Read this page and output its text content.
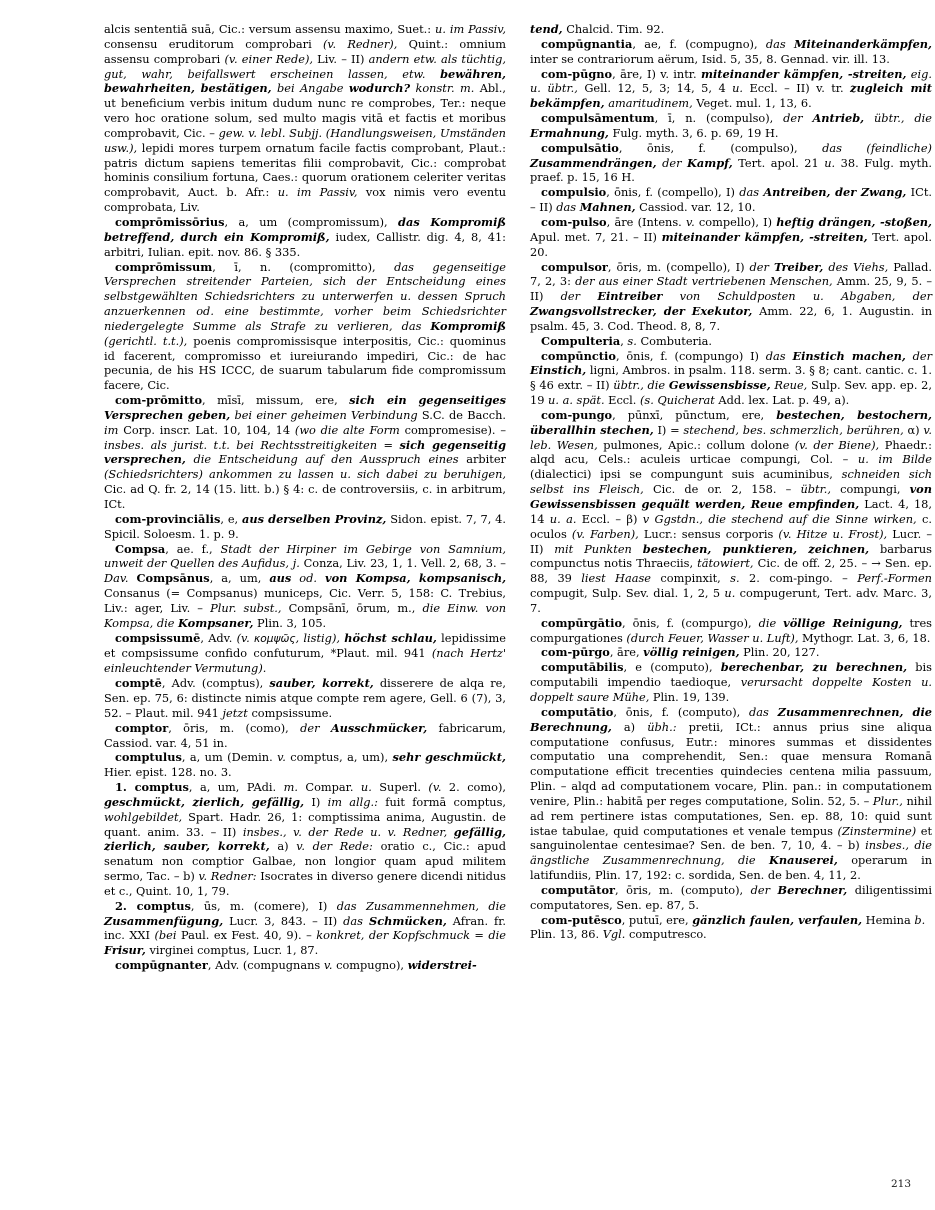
alcis sententiā suā, Cic.: versum assensu maximo, Suet.: u. im Passiv, consensu eruditorum comprobari (v. Redner), Quint.: omnium assensu comprobari (v. einer Rede), Liv. – II) andern etw. als tüchtig, gut, wahr, beifallswert erscheinen lassen, etw. bewähren, bewahrheiten, bestätigen, bei Angabe wodurch? konstr. m. Abl., ut beneficium verbis initum dudum nunc re comprobes, Ter.: neque vero hoc oratione solum, sed multo magis vitā et factis et moribus comprobavit, Cic. – gew. v. lebl. Subjj. (Handlungsweisen, Umständen usw.), lepidi mores turpem ornatum facile factis comprobant, Plaut.: patris dictum sapiens temeritas filii comprobavit, Cic.: comprobat hominis consilium fortuna, Caes.: quorum orationem celeriter veritas comprobavit, Auct. b. Afr.: u. im Passiv, vox nimis vero eventu comprobata, Liv.

comprōmissōrius, a, um (compromissum), das Kompromiß betreffend, durch ein Kompromiß, iudex, Callistr. dig. 4, 8, 41: arbitri, Iulian. epit. nov. 86. § 335.

comprōmissum, ī, n. (compromitto), das gegenseitige Versprechen streitender Parteien, sich der Entscheidung eines selbstgewählten Schiedsrichters zu unterwerfen u. dessen Spruch anzuerkennen od. eine bestimmte, vorher beim Schiedsrichter niedergelegte Summe als Strafe zu verlieren, das Kompromiß (gerichtl. t.t.), poenis compromissisque interpositis, Cic.: quominus id facerent, compromisso et iureiurando impediri, Cic.: de hac pecunia, de his HS ICCC, de suarum tabularum fide compromissum facere, Cic.

com-prōmitto, mīsī, missum, ere, sich ein gegenseitiges Versprechen geben, bei einer geheimen Verbindung S.C. de Bacch. im Corp. inscr. Lat. 10, 104, 14 (wo die alte Form compromesise). – insbes. als jurist. t.t. bei Rechtsstreitigkeiten = sich gegenseitig versprechen, die Entscheidung auf den Ausspruch eines arbiter (Schiedsrichters) ankommen zu lassen u. sich dabei zu beruhigen, Cic. ad Q. fr. 2, 14 (15. litt. b.) § 4: c. de controversiis, c. in arbitrum, ICt.

com-provinciālis, e, aus derselben Provinz, Sidon. epist. 7, 7, 4. Spicil. Soloesm. 1. p. 9.

Compsa, ae. f., Stadt der Hirpiner im Gebirge von Samnium, unweit der Quellen des Aufidus, j. Conza, Liv. 23, 1, 1. Vell. 2, 68, 3. – Dav. Compsānus, a, um, aus od. von Kompsa, kompsanisch, Consanus (= Compsanus) municeps, Cic. Verr. 5, 158: C. Trebius, Liv.: ager, Liv. – Plur. subst., Compsānī, ōrum, m., die Einw. von Kompsa, die Kompsaner, Plin. 3, 105.

compsissumē, Adv. (v. κομψῶς, listig), höchst schlau, lepidissime et compsissume confido confuturum, *Plaut. mil. 941 (nach Hertz' einleuchtender Vermutung).

comptē, Adv. (comptus), sauber, korrekt, disserere de alqa re, Sen. ep. 75, 6: distincte nimis atque compte rem agere, Gell. 6 (7), 3, 52. – Plaut. mil. 941 jetzt compsissume.

comptor, ōris, m. (como), der Ausschmücker, fabricarum, Cassiod. var. 4, 51 in.

comptulus, a, um (Demin. v. comptus, a, um), sehr geschmückt, Hier. epist. 128. no. 3.

1. comptus, a, um, PAdi. m. Compar. u. Superl. (v. 2. como), geschmückt, zierlich, gefällig, I) im allg.: fuit formā comptus, wohlgebildet, Spart. Hadr. 26, 1: comptissima anima, Augustin. de quant. anim. 33. – II) insbes., v. der Rede u. v. Redner, gefällig, zierlich, sauber, korrekt, a) v. der Rede: oratio c., Cic.: apud senatum non comptior Galbae, non longior quam apud militem sermo, Tac. – b) v. Redner: Isocrates in diverso genere dicendi nitidus et c., Quint. 10, 1, 79.

2. comptus, ūs, m. (comere), I) das Zusammennehmen, die Zusammenfügung, Lucr. 3, 843. – II) das Schmücken, Afran. fr. inc. XXI (bei Paul. ex Fest. 40, 9). – konkret, der Kopfschmuck = die Frisur, virginei comptus, Lucr. 1, 87.

compūgnanter, Adv. (compugnans v. compugno), widerstrei-

tend, Chalcid. Tim. 92.

compūgnantia, ae, f. (compugno), das Miteinanderkämpfen, inter se contrariorum aërum, Isid. 5, 35, 8. Gennad. vir. ill. 13.

com-pūgno, āre, I) v. intr. miteinander kämpfen, -streiten, eig. u. übtr., Gell. 12, 5, 3; 14, 5, 4 u. Eccl. – II) v. tr. zugleich mit bekämpfen, amaritudinem, Veget. mul. 1, 13, 6.

compulsāmentum, ī, n. (compulso), der Antrieb, übtr., die Ermahnung, Fulg. myth. 3, 6. p. 69, 19 H.

compulsātio, ōnis, f. (compulso), das (feindliche) Zusammendrängen, der Kampf, Tert. apol. 21 u. 38. Fulg. myth. praef. p. 15, 16 H.

compulsio, ōnis, f. (compello), I) das Antreiben, der Zwang, ICt. – II) das Mahnen, Cassiod. var. 12, 10.

com-pulso, āre (Intens. v. compello), I) heftig drängen, -stoßen, Apul. met. 7, 21. – II) miteinander kämpfen, -streiten, Tert. apol. 20.

compulsor, ōris, m. (compello), I) der Treiber, des Viehs, Pallad. 7, 2, 3: der aus einer Stadt vertriebenen Menschen, Amm. 25, 9, 5. – II) der Eintreiber von Schuldposten u. Abgaben, der Zwangsvollstrecker, der Exekutor, Amm. 22, 6, 1. Augustin. in psalm. 45, 3. Cod. Theod. 8, 8, 7.

Compulteria, s. Combuteria.

compūnctio, ōnis, f. (compungo) I) das Einstich machen, der Einstich, ligni, Ambros. in psalm. 118. serm. 3. § 8; cant. cantic. c. 1. § 46 extr. – II) übtr., die Gewissensbisse, Reue, Sulp. Sev. app. ep. 2, 19 u. a. spät. Eccl. (s. Quicherat Add. lex. Lat. p. 49, a).

com-pungo, pūnxī, pūnctum, ere, bestechen, bestochern, überallhin stechen, I) = stechend, bes. schmerzlich, berühren, α) v. leb. Wesen, pulmones, Apic.: collum dolone (v. der Biene), Phaedr.: alqd acu, Cels.: aculeis urticae compungi, Col. – u. im Bilde (dialectici) ipsi se compungunt suis acuminibus, schneiden sich selbst ins Fleisch, Cic. de or. 2, 158. – übtr., compungi, von Gewissensbissen gequält werden, Reue empfinden, Lact. 4, 18, 14 u. a. Eccl. – β) v Ggstdn., die stechend auf die Sinne wirken, c. oculos (v. Farben), Lucr.: sensus corporis (v. Hitze u. Frost), Lucr. – II) mit Punkten bestechen, punktieren, zeichnen, barbarus compunctus notis Thraeciis, tätowiert, Cic. de off. 2, 25. – → Sen. ep. 88, 39 liest Haase compinxit, s. 2. com-pingo. – Perf.-Formen compugit, Sulp. Sev. dial. 1, 2, 5 u. compugerunt, Tert. adv. Marc. 3, 7.

compūrgātio, ōnis, f. (compurgo), die völlige Reinigung, tres compurgationes (durch Feuer, Wasser u. Luft), Mythogr. Lat. 3, 6, 18.

com-pūrgo, āre, völlig reinigen, Plin. 20, 127.

computābilis, e (computo), berechenbar, zu berechnen, bis computabili impendio taedioque, verursacht doppelte Kosten u. doppelt saure Mühe, Plin. 19, 139.

computātio, ōnis, f. (computo), das Zusammenrechnen, die Berechnung, a) übh.: pretii, ICt.: annus prius sine aliqua computatione confusus, Eutr.: minores summas et dissidentes computatio una comprehendit, Sen.: quae mensura Romanā computatione efficit trecenties quindecies centena milia passuum, Plin. – alqd ad computationem vocare, Plin. pan.: in computationem venire, Plin.: habitā per reges computatione, Solin. 52, 5. – Plur., nihil ad rem pertinere istas computationes, Sen. ep. 88, 10: quid sunt istae tabulae, quid computationes et venale tempus (Zinstermine) et sanguinolentae centesimae? Sen. de ben. 7, 10, 4. – b) insbes., die ängstliche Zusammenrechnung, die Knauserei, operarum in latifundiis, Plin. 17, 192: c. sordida, Sen. de ben. 4, 11, 2.

computātor, ōris, m. (computo), der Berechner, diligentissimi computatores, Sen. ep. 87, 5.

com-putēsco, putuī, ere, gänzlich faulen, verfaulen, Hemina b. Plin. 13, 86. Vgl. computresco.

213
